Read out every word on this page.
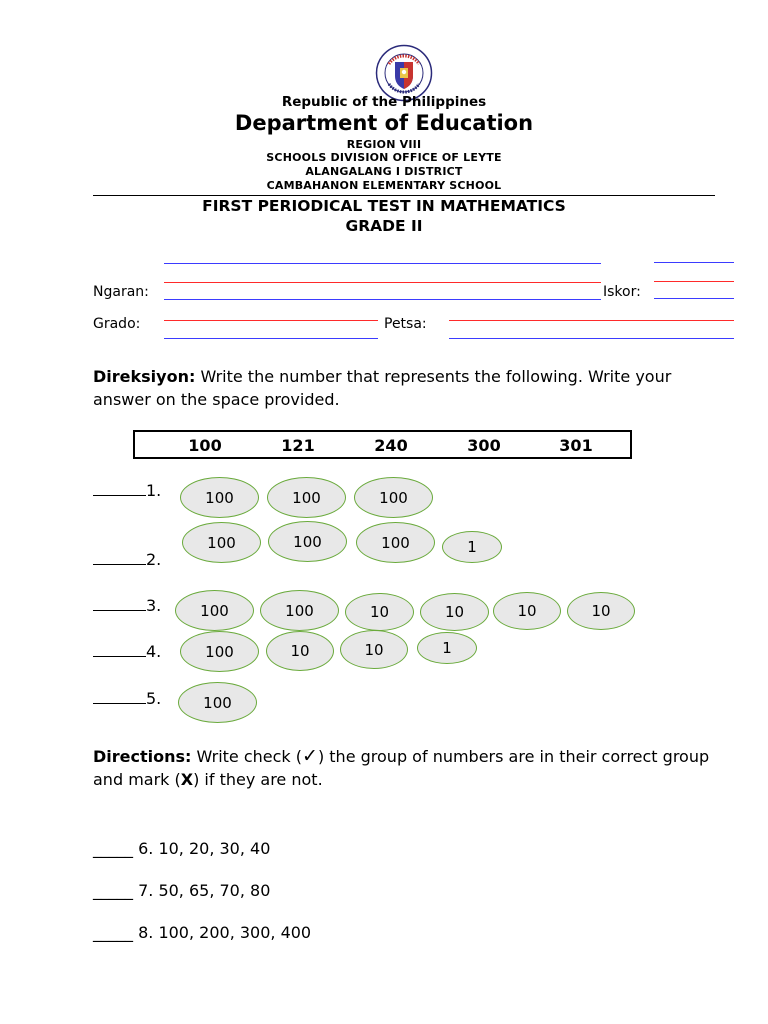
Republic of the Philippines
Department of Education
REGION VIII
SCHOOLS DIVISION OFFICE OF LEYTE
ALANGALANG I DISTRICT
CAMBAHANON ELEMENTARY SCHOOL
FIRST PERIODICAL TEST IN MATHEMATICS
GRADE II
Ngaran:	Iskor:
Grado:	Petsa:
Direksiyon: Write the number that represents the following. Write your answer on the space provided.
100	121	240	300	301
1.
2.
3.
4.
5.
100	100	100
100	100	100	1
100	100	10	10	10	10
100	10	10	1
100
Directions: Write check (✓) the group of numbers are in their correct group and mark (X) if they are not.
_____ 6. 10, 20, 30, 40
_____ 7. 50, 65, 70, 80
_____ 8. 100, 200, 300, 400
